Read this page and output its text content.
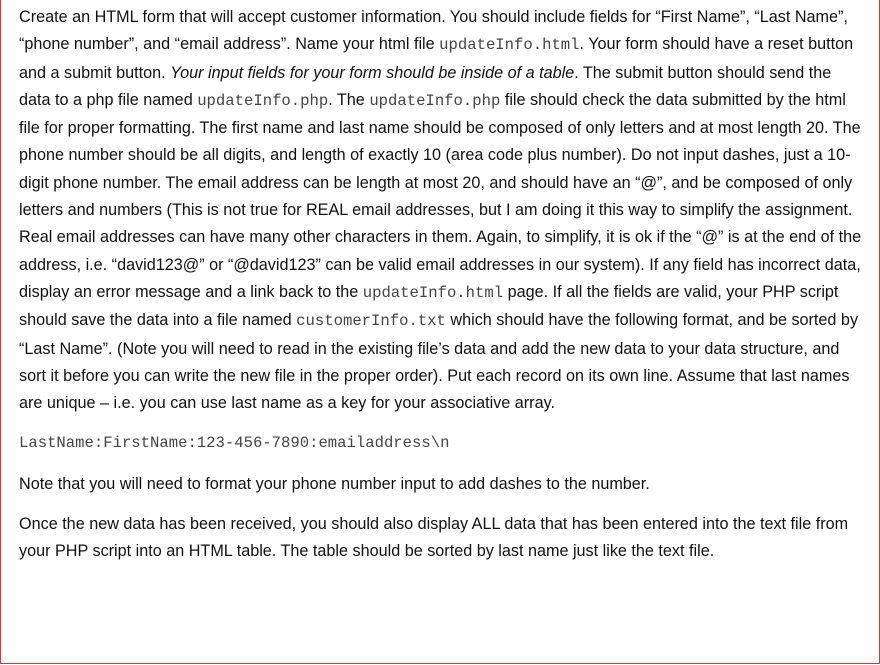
Create an HTML form that will accept customer information. You should include fields for “First Name”, “Last Name”, “phone number”, and “email address”. Name your html file updateInfo.html. Your form should have a reset button and a submit button. Your input fields for your form should be inside of a table. The submit button should send the data to a php file named updateInfo.php. The updateInfo.php file should check the data submitted by the html file for proper formatting. The first name and last name should be composed of only letters and at most length 20. The phone number should be all digits, and length of exactly 10 (area code plus number). Do not input dashes, just a 10-digit phone number. The email address can be length at most 20, and should have an “@”, and be composed of only letters and numbers (This is not true for REAL email addresses, but I am doing it this way to simplify the assignment. Real email addresses can have many other characters in them. Again, to simplify, it is ok if the “@” is at the end of the address, i.e. “david123@” or “@david123” can be valid email addresses in our system). If any field has incorrect data, display an error message and a link back to the updateInfo.html page. If all the fields are valid, your PHP script should save the data into a file named customerInfo.txt which should have the following format, and be sorted by “Last Name”. (Note you will need to read in the existing file’s data and add the new data to your data structure, and sort it before you can write the new file in the proper order). Put each record on its own line. Assume that last names are unique – i.e. you can use last name as a key for your associative array.

LastName:FirstName:123-456-7890:emailaddress\n

Note that you will need to format your phone number input to add dashes to the number.

Once the new data has been received, you should also display ALL data that has been entered into the text file from your PHP script into an HTML table. The table should be sorted by last name just like the text file.
